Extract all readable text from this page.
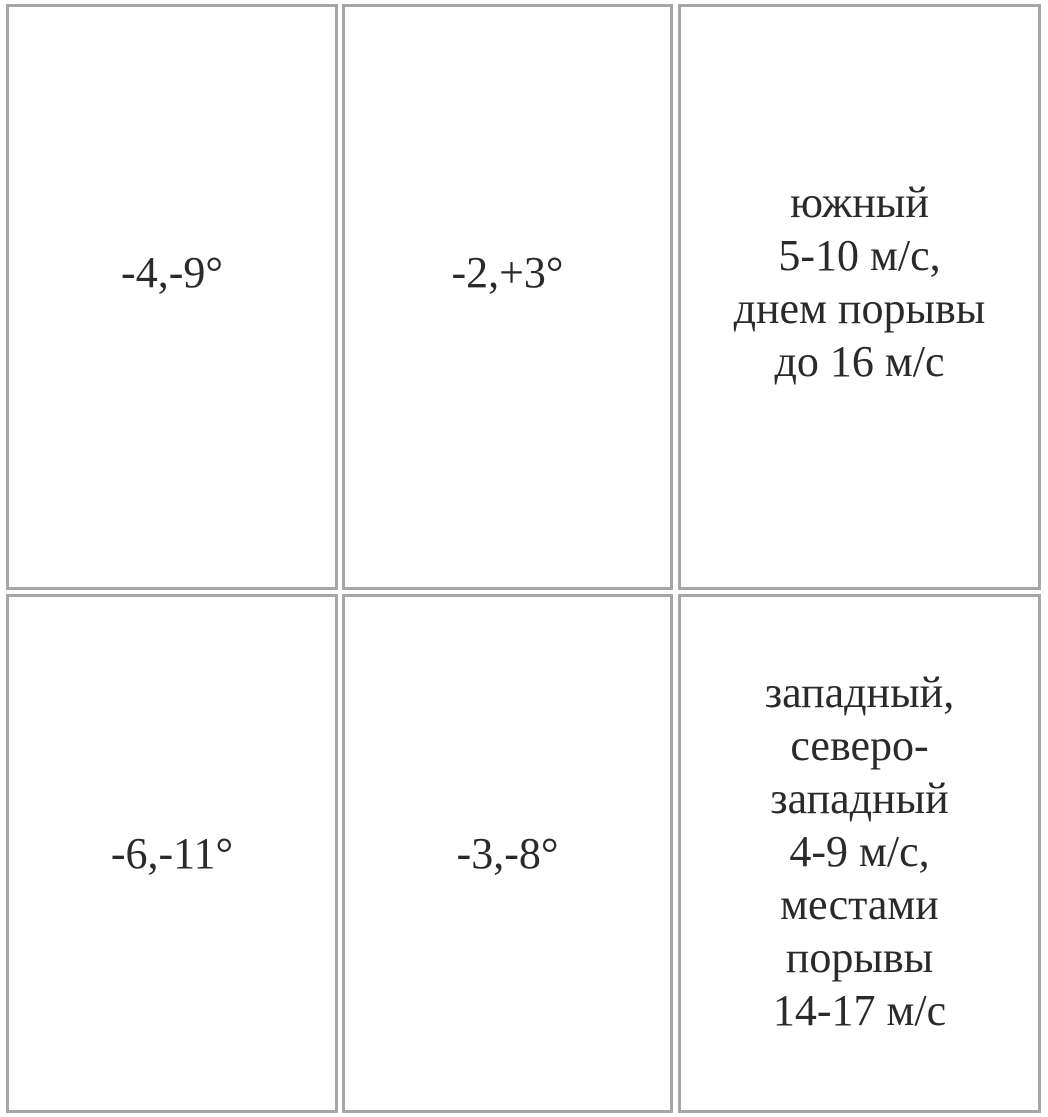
-4,-9°	-2,+3°
южный
5-10 м/с,
днем порывы
до 16 м/с
-6,-11°	-3,-8°
западный,
северо-
западный
4-9 м/с,
местами
порывы
14-17 м/с
